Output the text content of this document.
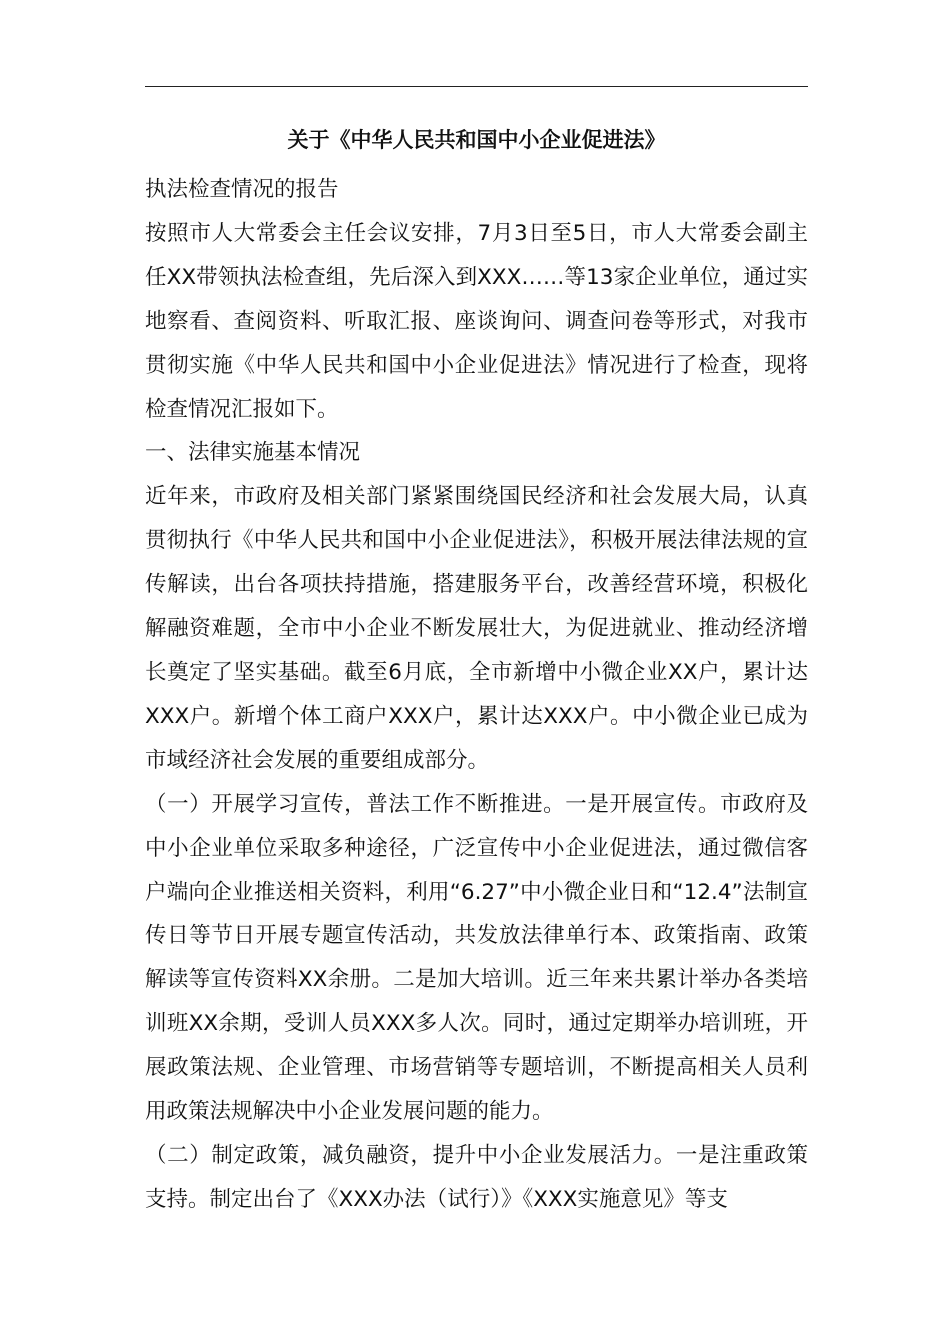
关于《中华人民共和国中小企业促进法》

执法检查情况的报告

按照市人大常委会主任会议安排，7月3日至5日，市人大常委会副主任XX带领执法检查组，先后深入到XXX……等13家企业单位，通过实地察看、查阅资料、听取汇报、座谈询问、调查问卷等形式，对我市贯彻实施《中华人民共和国中小企业促进法》情况进行了检查，现将检查情况汇报如下。

一、法律实施基本情况

近年来，市政府及相关部门紧紧围绕国民经济和社会发展大局，认真贯彻执行《中华人民共和国中小企业促进法》，积极开展法律法规的宣传解读，出台各项扶持措施，搭建服务平台，改善经营环境，积极化解融资难题，全市中小企业不断发展壮大，为促进就业、推动经济增长奠定了坚实基础。截至6月底，全市新增中小微企业XX户，累计达XXX户。新增个体工商户XXX户，累计达XXX户。中小微企业已成为市域经济社会发展的重要组成部分。

（一）开展学习宣传，普法工作不断推进。一是开展宣传。市政府及中小企业单位采取多种途径，广泛宣传中小企业促进法，通过微信客户端向企业推送相关资料，利用“6.27”中小微企业日和“12.4”法制宣传日等节日开展专题宣传活动，共发放法律单行本、政策指南、政策解读等宣传资料XX余册。二是加大培训。近三年来共累计举办各类培训班XX余期，受训人员XXX多人次。同时，通过定期举办培训班，开展政策法规、企业管理、市场营销等专题培训，不断提高相关人员利用政策法规解决中小企业发展问题的能力。

（二）制定政策，减负融资，提升中小企业发展活力。一是注重政策支持。制定出台了《XXX办法（试行）》《XXX实施意见》等支
